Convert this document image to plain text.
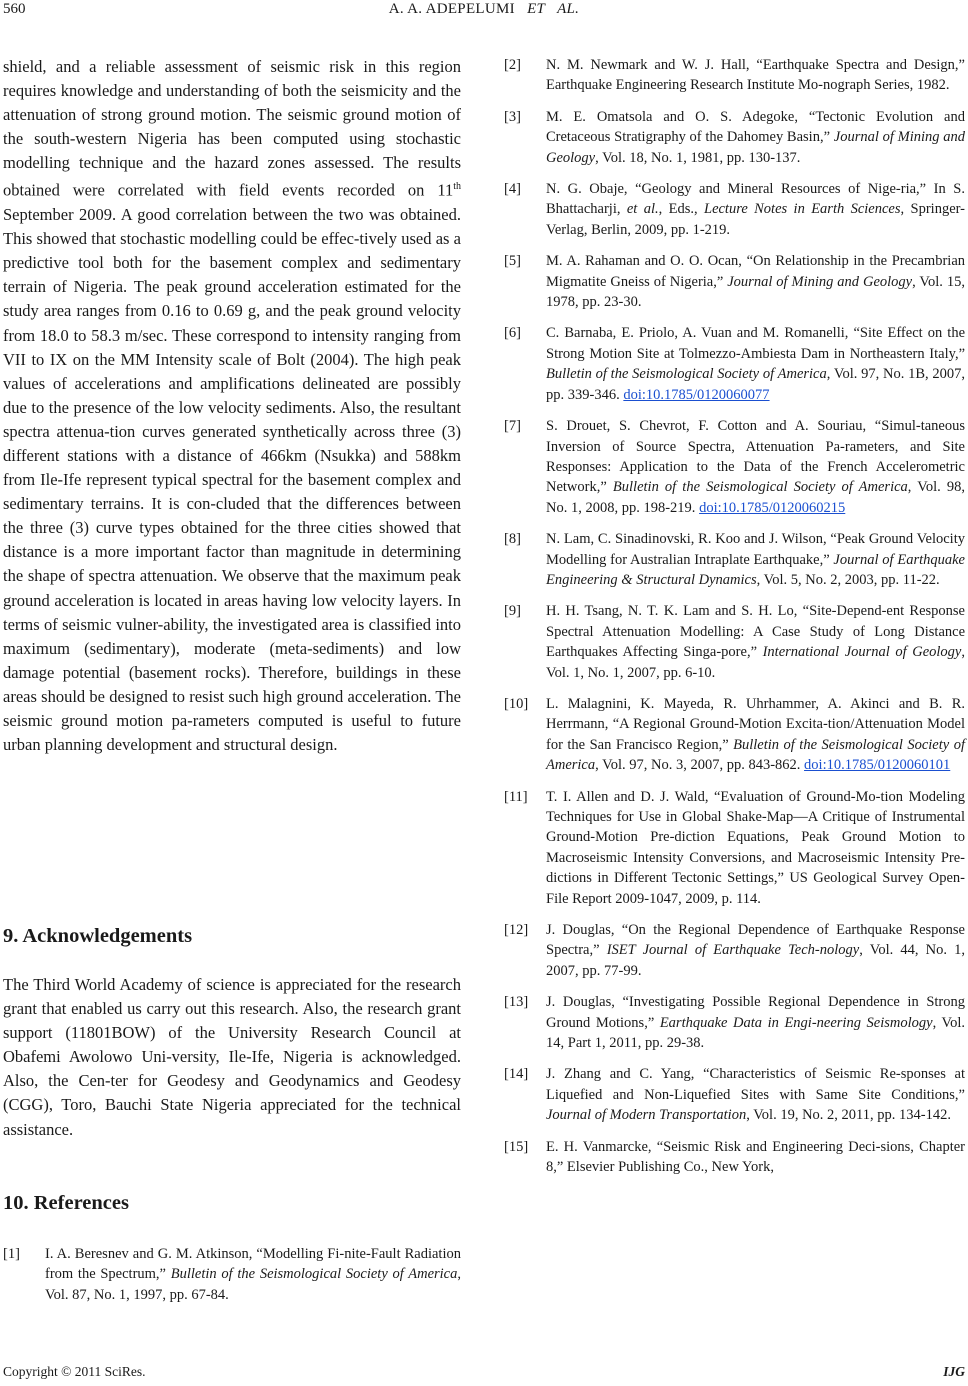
560	A. A. ADEPELUMI   ET   AL.

shield, and a reliable assessment of seismic risk in this region requires knowledge and understanding of both the seismicity and the attenuation of strong ground motion. The seismic ground motion of the south-western Nigeria has been computed using stochastic modelling technique and the hazard zones assessed. The results obtained were correlated with field events recorded on 11th September 2009. A good correlation between the two was obtained. This showed that stochastic modelling could be effec-tively used as a predictive tool both for the basement complex and sedimentary terrain of Nigeria. The peak ground acceleration estimated for the study area ranges from 0.16 to 0.69 g, and the peak ground velocity from 18.0 to 58.3 m/sec. These correspond to intensity ranging from VII to IX on the MM Intensity scale of Bolt (2004). The high peak values of accelerations and amplifications delineated are possibly due to the presence of the low velocity sediments. Also, the resultant spectra attenua-tion curves generated synthetically across three (3) different stations with a distance of 466km (Nsukka) and 588km from Ile-Ife represent typical spectral for the basement complex and sedimentary terrains. It is con-cluded that the differences between the three (3) curve types obtained for the three cities showed that distance is a more important factor than magnitude in determining the shape of spectra attenuation. We observe that the maximum peak ground acceleration is located in areas having low velocity layers. In terms of seismic vulner-ability, the investigated area is classified into maximum (sedimentary), moderate (meta-sediments) and low damage potential (basement rocks). Therefore, buildings in these areas should be designed to resist such high ground acceleration. The seismic ground motion pa-rameters computed is useful to future urban planning development and structural design.

9. Acknowledgements

The Third World Academy of science is appreciated for the research grant that enabled us carry out this research. Also, the research grant support (11801BOW) of the University Research Council at Obafemi Awolowo Uni-versity, Ile-Ife, Nigeria is acknowledged. Also, the Cen-ter for Geodesy and Geodynamics and Geodesy (CGG), Toro, Bauchi State Nigeria appreciated for the technical assistance.

10. References
[1] I. A. Beresnev and G. M. Atkinson, “Modelling Fi-nite-Fault Radiation from the Spectrum,” Bulletin of the Seismological Society of America, Vol. 87, No. 1, 1997, pp. 67-84.
[2] N. M. Newmark and W. J. Hall, “Earthquake Spectra and Design,” Earthquake Engineering Research Institute Mo-nograph Series, 1982.
[3] M. E. Omatsola and O. S. Adegoke, “Tectonic Evolution and Cretaceous Stratigraphy of the Dahomey Basin,” Journal of Mining and Geology, Vol. 18, No. 1, 1981, pp. 130-137.
[4] N. G. Obaje, “Geology and Mineral Resources of Nige-ria,” In S. Bhattacharji, et al., Eds., Lecture Notes in Earth Sciences, Springer-Verlag, Berlin, 2009, pp. 1-219.
[5] M. A. Rahaman and O. O. Ocan, “On Relationship in the Precambrian Migmatite Gneiss of Nigeria,” Journal of Mining and Geology, Vol. 15, 1978, pp. 23-30.
[6] C. Barnaba, E. Priolo, A. Vuan and M. Romanelli, “Site Effect on the Strong Motion Site at Tolmezzo-Ambiesta Dam in Northeastern Italy,” Bulletin of the Seismological Society of America, Vol. 97, No. 1B, 2007, pp. 339-346. doi:10.1785/0120060077
[7] S. Drouet, S. Chevrot, F. Cotton and A. Souriau, “Simul-taneous Inversion of Source Spectra, Attenuation Pa-rameters, and Site Responses: Application to the Data of the French Accelerometric Network,” Bulletin of the Seismological Society of America, Vol. 98, No. 1, 2008, pp. 198-219. doi:10.1785/0120060215
[8] N. Lam, C. Sinadinovski, R. Koo and J. Wilson, “Peak Ground Velocity Modelling for Australian Intraplate Earthquake,” Journal of Earthquake Engineering & Structural Dynamics, Vol. 5, No. 2, 2003, pp. 11-22.
[9] H. H. Tsang, N. T. K. Lam and S. H. Lo, “Site-Depend-ent Response Spectral Attenuation Modelling: A Case Study of Long Distance Earthquakes Affecting Singa-pore,” International Journal of Geology, Vol. 1, No. 1, 2007, pp. 6-10.
[10] L. Malagnini, K. Mayeda, R. Uhrhammer, A. Akinci and B. R. Herrmann, “A Regional Ground-Motion Excita-tion/Attenuation Model for the San Francisco Region,” Bulletin of the Seismological Society of America, Vol. 97, No. 3, 2007, pp. 843-862. doi:10.1785/0120060101
[11] T. I. Allen and D. J. Wald, “Evaluation of Ground-Mo-tion Modeling Techniques for Use in Global Shake-Map—A Critique of Instrumental Ground-Motion Pre-diction Equations, Peak Ground Motion to Macroseismic Intensity Conversions, and Macroseismic Intensity Pre-dictions in Different Tectonic Settings,” US Geological Survey Open-File Report 2009-1047, 2009, p. 114.
[12] J. Douglas, “On the Regional Dependence of Earthquake Response Spectra,” ISET Journal of Earthquake Tech-nology, Vol. 44, No. 1, 2007, pp. 77-99.
[13] J. Douglas, “Investigating Possible Regional Dependence in Strong Ground Motions,” Earthquake Data in Engi-neering Seismology, Vol. 14, Part 1, 2011, pp. 29-38.
[14] J. Zhang and C. Yang, “Characteristics of Seismic Re-sponses at Liquefied and Non-Liquefied Sites with Same Site Conditions,” Journal of Modern Transportation, Vol. 19, No. 2, 2011, pp. 134-142.
[15] E. H. Vanmarcke, “Seismic Risk and Engineering Deci-sions, Chapter 8,” Elsevier Publishing Co., New York,
Copyright © 2011 SciRes.	IJG
